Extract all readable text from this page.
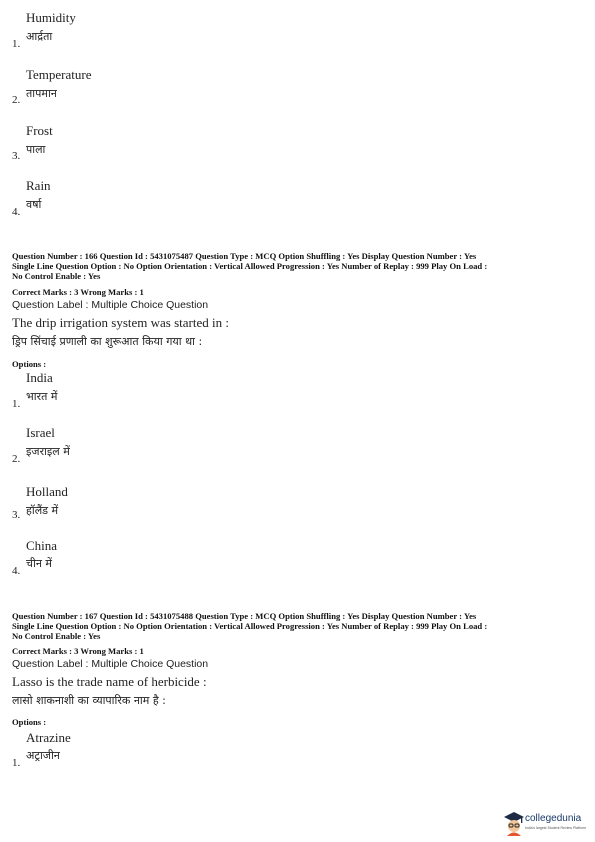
Humidity
1.
आर्द्रता
Temperature
2. तापमान
Frost
3. पाला
Rain
4.
वर्षा
Question Number : 166 Question Id : 5431075487 Question Type : MCQ Option Shuffling : Yes Display Question Number : Yes
Single Line Question Option : No Option Orientation : Vertical Allowed Progression : Yes Number of Replay : 999 Play On Load :
No Control Enable : Yes
Correct Marks : 3 Wrong Marks : 1
Question Label : Multiple Choice Question
The drip irrigation system was started in :
ड्रिप सिंचाई प्रणाली का शुरूआत किया गया था :
Options :
India
1.
भारत में
Israel
2.
इजराइल में
Holland
3. हॉलैंड में
China
4.
चीन में
Question Number : 167 Question Id : 5431075488 Question Type : MCQ Option Shuffling : Yes Display Question Number : Yes
Single Line Question Option : No Option Orientation : Vertical Allowed Progression : Yes Number of Replay : 999 Play On Load :
No Control Enable : Yes
Correct Marks : 3 Wrong Marks : 1
Question Label : Multiple Choice Question
Lasso is the trade name of herbicide :
लासो शाकनाशी का व्यापारिक नाम है :
Options :
Atrazine
1.
अट्राजीन
collegedunia
India's largest Student Review Platform
